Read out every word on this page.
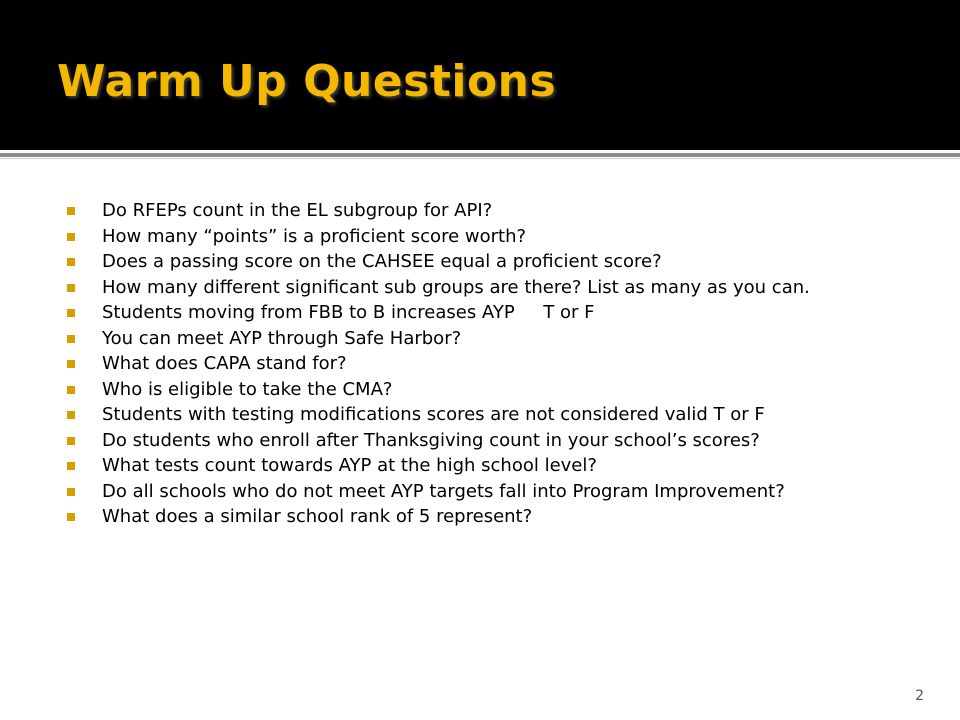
Warm Up Questions
Do RFEPs count in the EL subgroup for API?
How many “points” is a proficient score worth?
Does a passing score on the CAHSEE equal a proficient score?
How many different significant sub groups are there? List as many as you can.
Students moving from FBB to B increases AYP     T or F
You can meet AYP through Safe Harbor?
What does CAPA stand for?
Who is eligible to take the CMA?
Students with testing modifications scores are not considered valid T or F
Do students who enroll after Thanksgiving count in your school’s scores?
What tests count towards AYP at the high school level?
Do all schools who do not meet AYP targets fall into Program Improvement?
What does a similar school rank of 5 represent?
2
